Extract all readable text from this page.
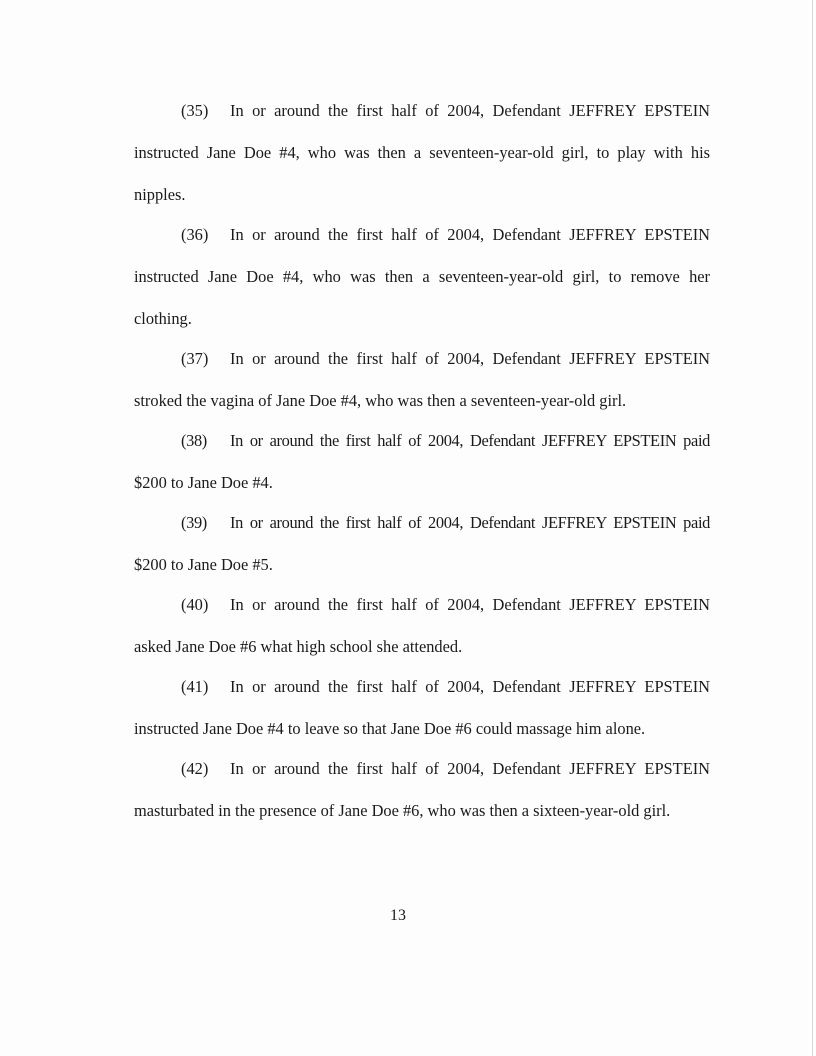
(35) In or around the first half of 2004, Defendant JEFFREY EPSTEIN
instructed Jane Doe #4, who was then a seventeen-year-old girl, to play with his
nipples.
(36) In or around the first half of 2004, Defendant JEFFREY EPSTEIN
instructed Jane Doe #4, who was then a seventeen-year-old girl, to remove her
clothing.
(37) In or around the first half of 2004, Defendant JEFFREY EPSTEIN
stroked the vagina of Jane Doe #4, who was then a seventeen-year-old girl.
(38) In or around the first half of 2004, Defendant JEFFREY EPSTEIN paid
$200 to Jane Doe #4.
(39) In or around the first half of 2004, Defendant JEFFREY EPSTEIN paid
$200 to Jane Doe #5.
(40) In or around the first half of 2004, Defendant JEFFREY EPSTEIN
asked Jane Doe #6 what high school she attended.
(41) In or around the first half of 2004, Defendant JEFFREY EPSTEIN
instructed Jane Doe #4 to leave so that Jane Doe #6 could massage him alone.
(42) In or around the first half of 2004, Defendant JEFFREY EPSTEIN
masturbated in the presence of Jane Doe #6, who was then a sixteen-year-old girl.
13
